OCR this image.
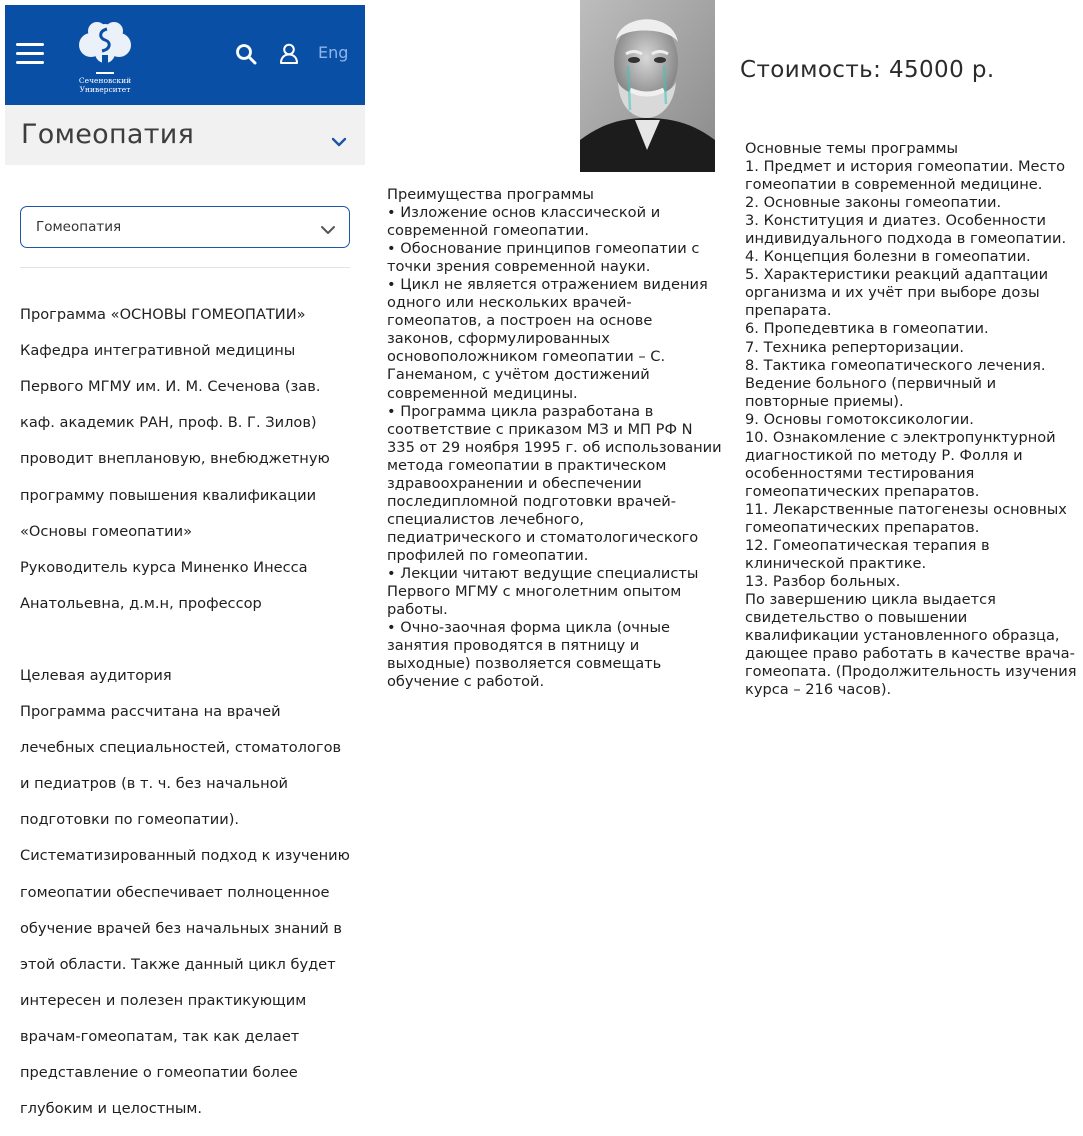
Сеченовский
Университет
Eng
Гомеопатия
Гомеопатия

Программа «ОСНОВЫ ГОМЕОПАТИИ»

Кафедра интегративной медицины

Первого МГМУ им. И. М. Сеченова (зав.

каф. академик РАН, проф. В. Г. Зилов)

проводит внеплановую, внебюджетную

программу повышения квалификации

«Основы гомеопатии»

Руководитель курса Миненко Инесса

Анатольевна, д.м.н, профессор

Целевая аудитория

Программа рассчитана на врачей

лечебных специальностей, стоматологов

и педиатров (в т. ч. без начальной

подготовки по гомеопатии).

Систематизированный подход к изучению

гомеопатии обеспечивает полноценное

обучение врачей без начальных знаний в

этой области. Также данный цикл будет

интересен и полезен практикующим

врачам-гомеопатам, так как делает

представление о гомеопатии более

глубоким и целостным.

Преимущества программы
• Изложение основ классической и
современной гомеопатии.
• Обоснование принципов гомеопатии с
точки зрения современной науки.
• Цикл не является отражением видения
одного или нескольких врачей-
гомеопатов, а построен на основе
законов, сформулированных
основоположником гомеопатии – С.
Ганеманом, с учётом достижений
современной медицины.
• Программа цикла разработана в
соответствие с приказом МЗ и МП РФ N
335 от 29 ноября 1995 г. об использовании
метода гомеопатии в практическом
здравоохранении и обеспечении
последипломной подготовки врачей-
специалистов лечебного,
педиатрического и стоматологического
профилей по гомеопатии.
• Лекции читают ведущие специалисты
Первого МГМУ с многолетним опытом
работы.
• Очно-заочная форма цикла (очные
занятия проводятся в пятницу и
выходные) позволяется совмещать
обучение с работой.
Стоимость: 45000 р.
Основные темы программы
1. Предмет и история гомеопатии. Место
гомеопатии в современной медицине.
2. Основные законы гомеопатии.
3. Конституция и диатез. Особенности
индивидуального подхода в гомеопатии.
4. Концепция болезни в гомеопатии.
5. Характеристики реакций адаптации
организма и их учёт при выборе дозы
препарата.
6. Пропедевтика в гомеопатии.
7. Техника реперторизации.
8. Тактика гомеопатического лечения.
Ведение больного (первичный и
повторные приемы).
9. Основы гомотоксикологии.
10. Ознакомление с электропунктурной
диагностикой по методу Р. Фолля и
особенностями тестирования
гомеопатических препаратов.
11. Лекарственные патогенезы основных
гомеопатических препаратов.
12. Гомеопатическая терапия в
клинической практике.
13. Разбор больных.
По завершению цикла выдается
свидетельство о повышении
квалификации установленного образца,
дающее право работать в качестве врача-
гомеопата. (Продолжительность изучения
курса – 216 часов).
